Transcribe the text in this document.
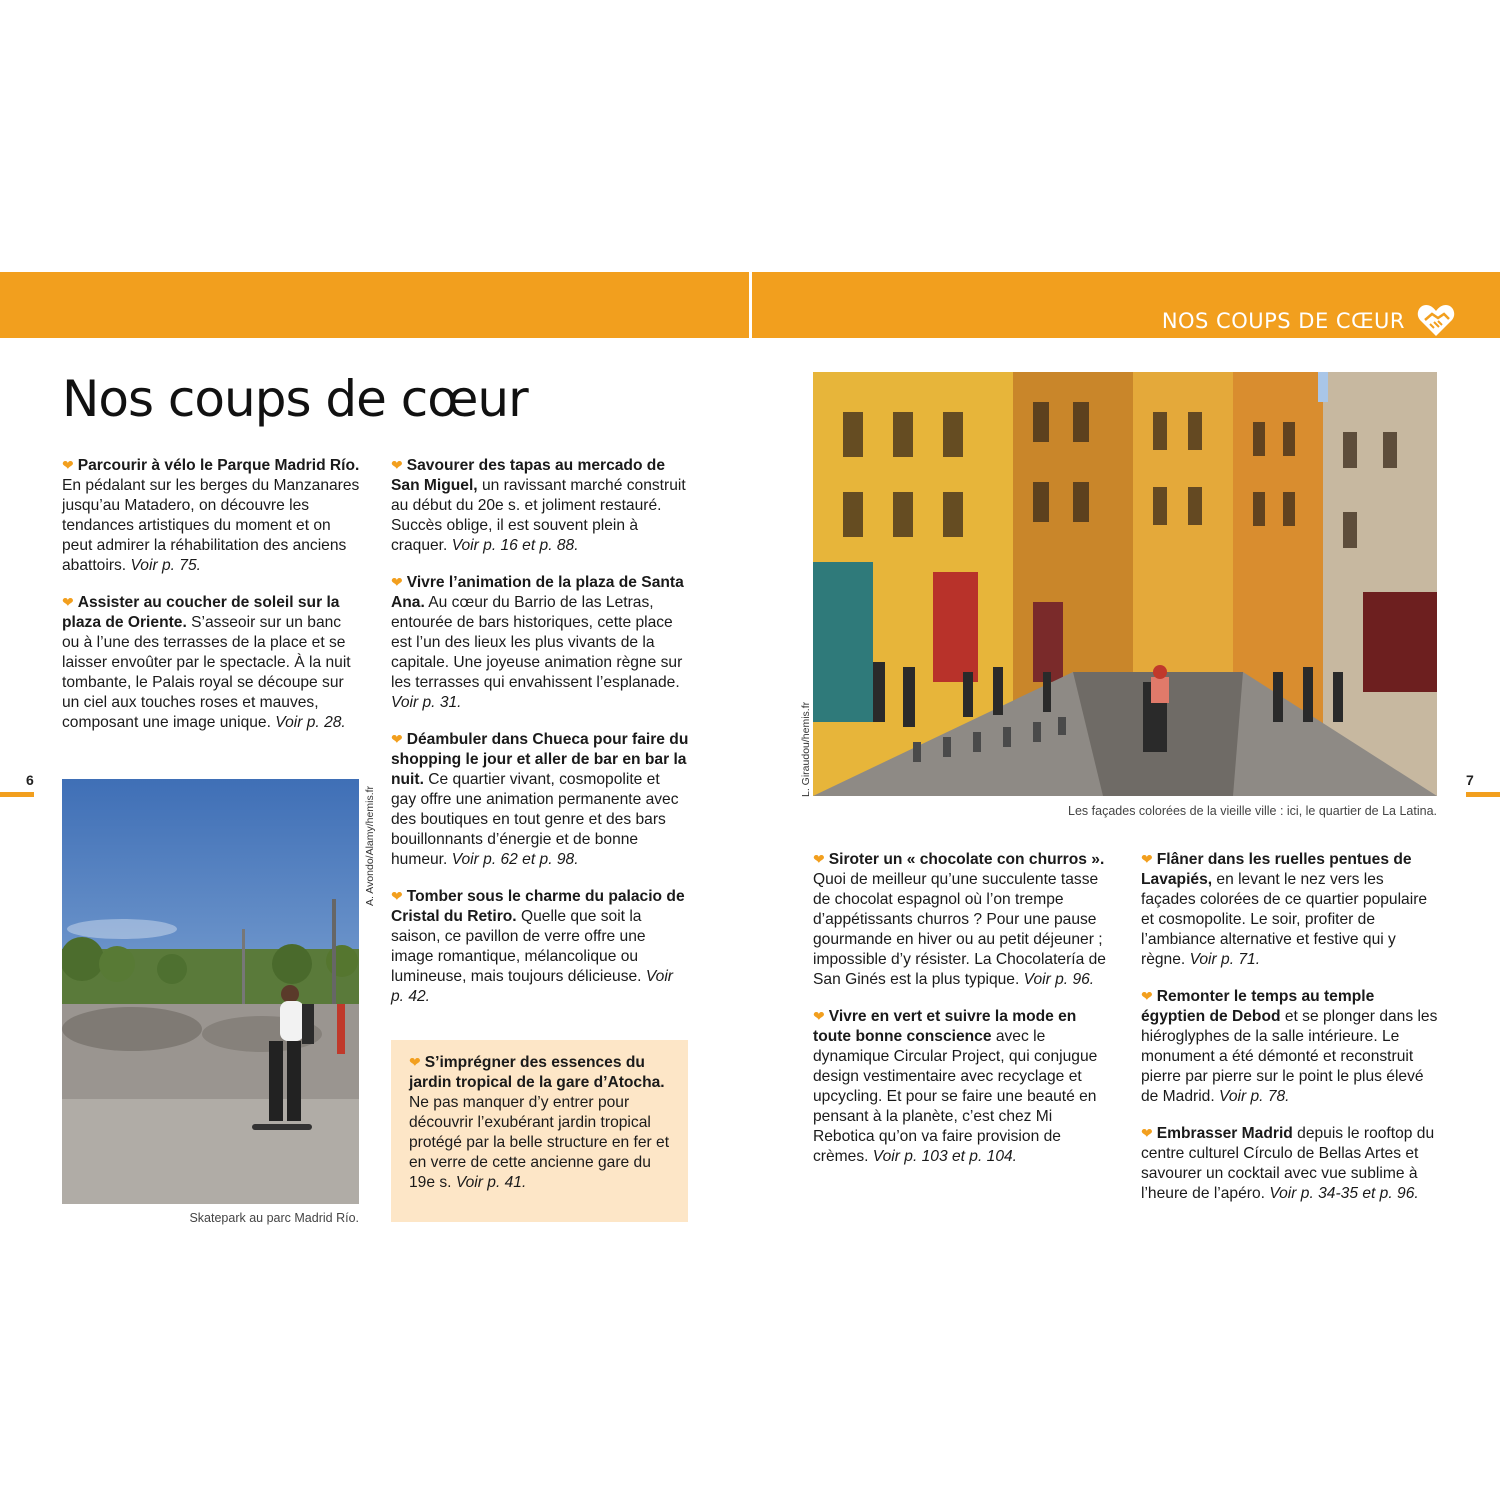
NOS COUPS DE CŒUR
Nos coups de cœur

❤ Parcourir à vélo le Parque Madrid Río. En pédalant sur les berges du Manzanares jusqu’au Matadero, on découvre les tendances artistiques du moment et on peut admirer la réhabilitation des anciens abattoirs. Voir p. 75.

❤ Assister au coucher de soleil sur la plaza de Oriente. S’asseoir sur un banc ou à l’une des terrasses de la place et se laisser envoûter par le spectacle. À la nuit tombante, le Palais royal se découpe sur un ciel aux touches roses et mauves, composant une image unique. Voir p. 28.

6
A. Avondo/Alamy/hemis.fr
Skatepark au parc Madrid Río.

❤ Savourer des tapas au mercado de San Miguel, un ravissant marché construit au début du 20e s. et joliment restauré. Succès oblige, il est souvent plein à craquer. Voir p. 16 et p. 88.

❤ Vivre l’animation de la plaza de Santa Ana. Au cœur du Barrio de las Letras, entourée de bars historiques, cette place est l’un des lieux les plus vivants de la capitale. Une joyeuse animation règne sur les terrasses qui envahissent l’esplanade. Voir p. 31.

❤ Déambuler dans Chueca pour faire du shopping le jour et aller de bar en bar la nuit. Ce quartier vivant, cosmopolite et gay offre une animation permanente avec des boutiques en tout genre et des bars bouillonnants d’énergie et de bonne humeur. Voir p. 62 et p. 98.

❤ Tomber sous le charme du palacio de Cristal du Retiro. Quelle que soit la saison, ce pavillon de verre offre une image romantique, mélancolique ou lumineuse, mais toujours délicieuse. Voir p. 42.

❤ S’imprégner des essences du jardin tropical de la gare d’Atocha. Ne pas manquer d’y entrer pour découvrir l’exubérant jardin tropical protégé par la belle structure en fer et en verre de cette ancienne gare du 19e s. Voir p. 41.

L. Giraudou/hemis.fr
Les façades colorées de la vieille ville : ici, le quartier de La Latina.
7

❤ Siroter un « chocolate con churros ». Quoi de meilleur qu’une succulente tasse de chocolat espagnol où l’on trempe d’appétissants churros ? Pour une pause gourmande en hiver ou au petit déjeuner ; impossible d’y résister. La Chocolatería de San Ginés est la plus typique. Voir p. 96.

❤ Vivre en vert et suivre la mode en toute bonne conscience avec le dynamique Circular Project, qui conjugue design vestimentaire avec recyclage et upcycling. Et pour se faire une beauté en pensant à la planète, c’est chez Mi Rebotica qu’on va faire provision de crèmes. Voir p. 103 et p. 104.

❤ Flâner dans les ruelles pentues de Lavapiés, en levant le nez vers les façades colorées de ce quartier populaire et cosmopolite. Le soir, profiter de l’ambiance alternative et festive qui y règne. Voir p. 71.

❤ Remonter le temps au temple égyptien de Debod et se plonger dans les hiéroglyphes de la salle intérieure. Le monument a été démonté et reconstruit pierre par pierre sur le point le plus élevé de Madrid. Voir p. 78.

❤ Embrasser Madrid depuis le rooftop du centre culturel Círculo de Bellas Artes et savourer un cocktail avec vue sublime à l’heure de l’apéro. Voir p. 34-35 et p. 96.
